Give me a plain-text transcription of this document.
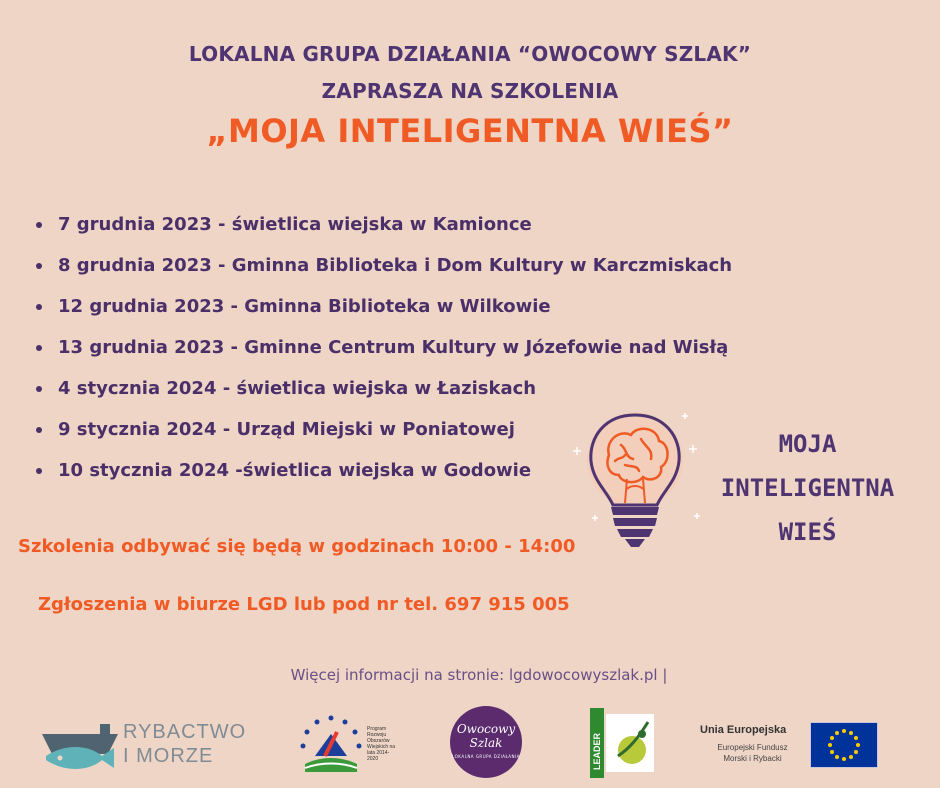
LOKALNA GRUPA DZIAŁANIA “OWOCOWY SZLAK”
ZAPRASZA NA SZKOLENIA
„MOJA INTELIGENTNA WIEŚ”
7 grudnia 2023 - świetlica wiejska w Kamionce
8 grudnia 2023 - Gminna Biblioteka i Dom Kultury w Karczmiskach
12 grudnia 2023 - Gminna Biblioteka w Wilkowie
13 grudnia 2023 - Gminne Centrum Kultury w Józefowie nad Wisłą
4 stycznia 2024 - świetlica wiejska w Łaziskach
9 stycznia 2024 - Urząd Miejski w Poniatowej
10 stycznia 2024 -świetlica wiejska w Godowie
MOJA
INTELIGENTNA
WIEŚ
Szkolenia odbywać się będą w godzinach 10:00 - 14:00
Zgłoszenia w biurze LGD lub pod nr tel. 697 915 005
Więcej informacji na stronie: lgdowocowyszlak.pl |
RYBACTWO
I MORZE
Program Rozwoju Obszarów Wiejskich na lata 2014-2020
Owocowy
Szlak
LOKALNA GRUPA DZIAŁANIA	LEADER
Unia Europejska
Europejski Fundusz
Morski i Rybacki
